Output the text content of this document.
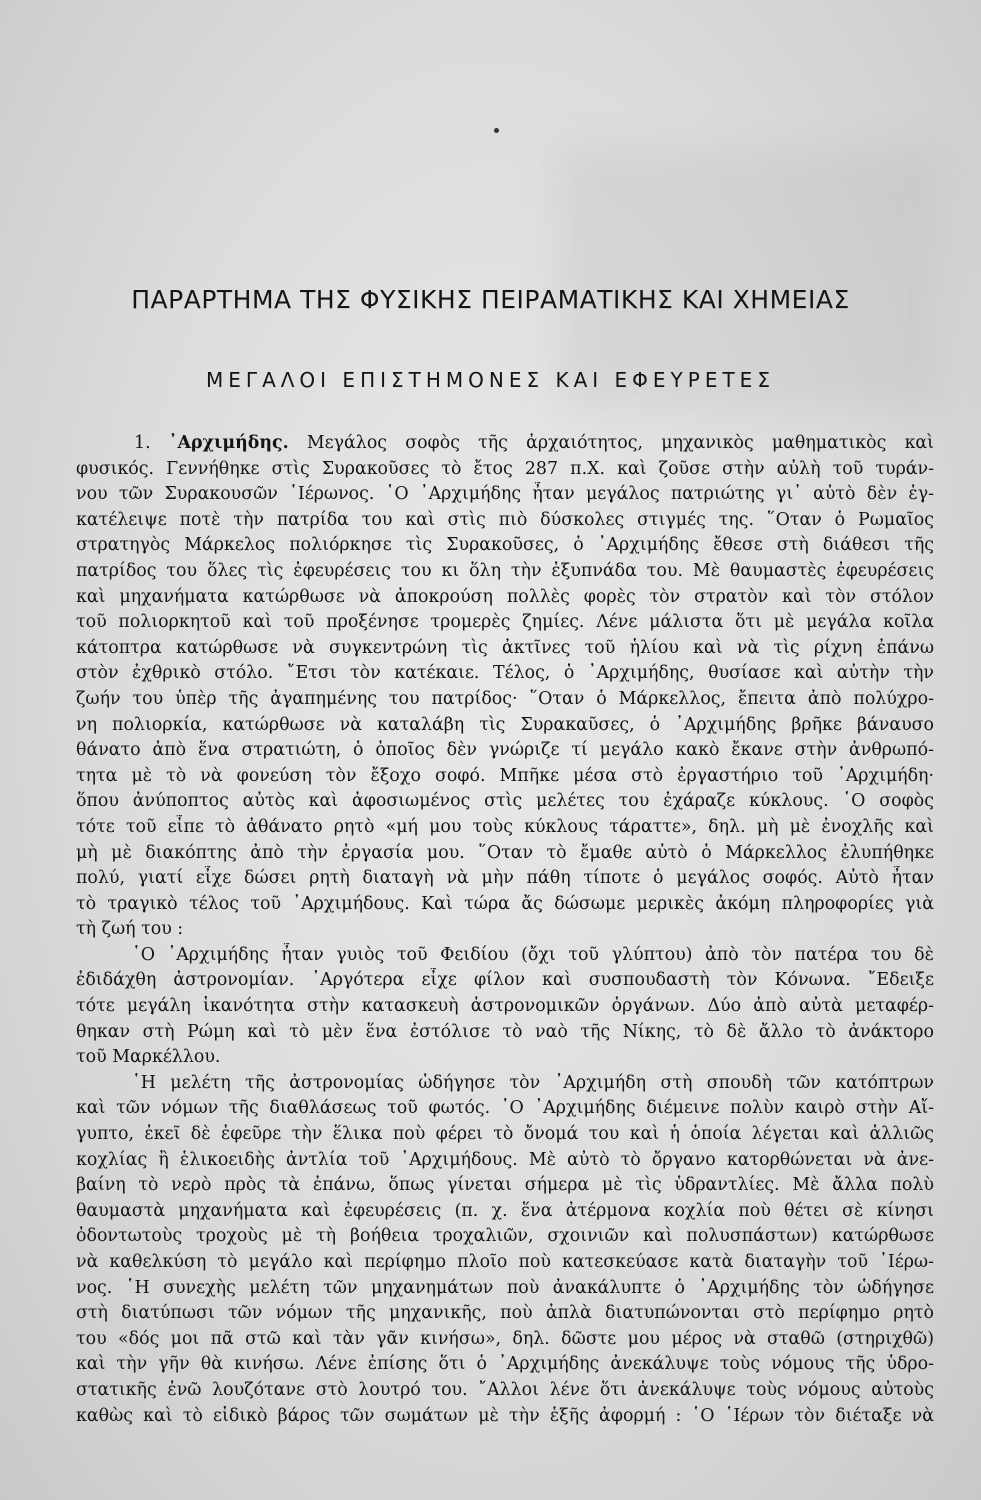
ΠΑΡΑΡΤΗΜΑ ΤΗΣ ΦΥΣΙΚΗΣ ΠΕΙΡΑΜΑΤΙΚΗΣ ΚΑΙ ΧΗΜΕΙΑΣ
ΜΕΓΑΛΟΙ ΕΠΙΣΤΗΜΟΝΕΣ ΚΑΙ ΕΦΕΥΡΕΤΕΣ
1. ᾽Αρχιμήδης. Μεγάλος σοφὸς τῆς ἀρχαιότητος, μηχανικὸς μαθηματικὸς καὶ
φυσικός. Γεννήθηκε στὶς Συρακοῦσες τὸ ἔτος 287 π.Χ. καὶ ζοῦσε στὴν αὐλὴ τοῦ τυράν-
νου τῶν Συρακουσῶν ῾Ιέρωνος. ῾Ο ᾽Αρχιμήδης ἦταν μεγάλος πατριώτης γι᾽ αὐτὸ δὲν ἐγ-
κατέλειψε ποτὲ τὴν πατρίδα του καὶ στὶς πιὸ δύσκολες στιγμές της. ῞Οταν ὁ Ρωμαῖος
στρατηγὸς Μάρκελος πολιόρκησε τὶς Συρακοῦσες, ὁ ᾽Αρχιμήδης ἔθεσε στὴ διάθεσι τῆς
πατρίδος του ὅλες τὶς ἐφευρέσεις του κι ὅλη τὴν ἐξυπνάδα του. Μὲ θαυμαστὲς ἐφευρέσεις
καὶ μηχανήματα κατώρθωσε νὰ ἀποκρούση πολλὲς φορὲς τὸν στρατὸν καὶ τὸν στόλον
τοῦ πολιορκητοῦ καὶ τοῦ προξένησε τρομερὲς ζημίες. Λένε μάλιστα ὅτι μὲ μεγάλα κοῖλα
κάτοπτρα κατώρθωσε νὰ συγκεντρώνη τὶς ἀκτῖνες τοῦ ἡλίου καὶ νὰ τὶς ρίχνη ἐπάνω
στὸν ἐχθρικὸ στόλο. ῎Ετσι τὸν κατέκαιε. Τέλος, ὁ ᾽Αρχιμήδης, θυσίασε καὶ αὐτὴν τὴν
ζωήν του ὑπὲρ τῆς ἀγαπημένης του πατρίδος· ῞Οταν ὁ Μάρκελλος, ἔπειτα ἀπὸ πολύχρο-
νη πολιορκία, κατώρθωσε νὰ καταλάβη τὶς Συρακαῦσες, ὁ ᾽Αρχιμήδης βρῆκε βάναυσο
θάνατο ἀπὸ ἕνα στρατιώτη, ὁ ὁποῖος δὲν γνώριζε τί μεγάλο κακὸ ἔκανε στὴν ἀνθρωπό-
τητα μὲ τὸ νὰ φονεύση τὸν ἔξοχο σοφό. Μπῆκε μέσα στὸ ἐργαστήριο τοῦ ᾽Αρχιμήδη·
ὅπου ἀνύποπτος αὐτὸς καὶ ἀφοσιωμένος στὶς μελέτες του ἐχάραζε κύκλους. ῾Ο σοφὸς
τότε τοῦ εἶπε τὸ ἀθάνατο ρητὸ «μή μου τοὺς κύκλους τάραττε», δηλ. μὴ μὲ ἐνοχλῆς καὶ
μὴ μὲ διακόπτης ἀπὸ τὴν ἐργασία μου. ῞Οταν τὸ ἔμαθε αὐτὸ ὁ Μάρκελλος ἐλυπήθηκε
πολύ, γιατί εἶχε δώσει ρητὴ διαταγὴ νὰ μὴν πάθη τίποτε ὁ μεγάλος σοφός. Αὐτὸ ἦταν
τὸ τραγικὸ τέλος τοῦ ᾽Αρχιμήδους. Καὶ τώρα ἄς δώσωμε μερικὲς ἀκόμη πληροφορίες γιὰ
τὴ ζωή του :
῾Ο ᾽Αρχιμήδης ἦταν γυιὸς τοῦ Φειδίου (ὄχι τοῦ γλύπτου) ἀπὸ τὸν πατέρα του δὲ
ἐδιδάχθη ἀστρονομίαν. ᾽Αργότερα εἶχε φίλον καὶ συσπουδαστὴ τὸν Κόνωνα. ῎Εδειξε
τότε μεγάλη ἱκανότητα στὴν κατασκευὴ ἀστρονομικῶν ὀργάνων. Δύο ἀπὸ αὐτὰ μεταφέρ-
θηκαν στὴ Ρώμη καὶ τὸ μὲν ἕνα ἐστόλισε τὸ ναὸ τῆς Νίκης, τὸ δὲ ἄλλο τὸ ἀνάκτορο
τοῦ Μαρκέλλου.
῾Η μελέτη τῆς ἀστρονομίας ὡδήγησε τὸν ᾽Αρχιμήδη στὴ σπουδὴ τῶν κατόπτρων
καὶ τῶν νόμων τῆς διαθλάσεως τοῦ φωτός. ῾Ο ᾽Αρχιμήδης διέμεινε πολὺν καιρὸ στὴν Αἴ-
γυπτο, ἐκεῖ δὲ ἐφεῦρε τὴν ἕλικα ποὺ φέρει τὸ ὄνομά του καὶ ἡ ὁποία λέγεται καὶ ἀλλιῶς
κοχλίας ἢ ἑλικοειδὴς ἀντλία τοῦ ᾽Αρχιμήδους. Μὲ αὐτὸ τὸ ὄργανο κατορθώνεται νὰ ἀνε-
βαίνη τὸ νερὸ πρὸς τὰ ἐπάνω, ὅπως γίνεται σήμερα μὲ τὶς ὑδραντλίες. Μὲ ἄλλα πολὺ
θαυμαστὰ μηχανήματα καὶ ἐφευρέσεις (π. χ. ἕνα ἀτέρμονα κοχλία ποὺ θέτει σὲ κίνησι
ὀδοντωτοὺς τροχοὺς μὲ τὴ βοήθεια τροχαλιῶν, σχοινιῶν καὶ πολυσπάστων) κατώρθωσε
νὰ καθελκύση τὸ μεγάλο καὶ περίφημο πλοῖο ποὺ κατεσκεύασε κατὰ διαταγὴν τοῦ ῾Ιέρω-
νος. ῾Η συνεχὴς μελέτη τῶν μηχανημάτων ποὺ ἀνακάλυπτε ὁ ᾽Αρχιμήδης τὸν ὡδήγησε
στὴ διατύπωσι τῶν νόμων τῆς μηχανικῆς, ποὺ ἁπλὰ διατυπώνονται στὸ περίφημο ρητὸ
του «δός μοι πᾶ στῶ καὶ τὰν γᾶν κινήσω», δηλ. δῶστε μου μέρος νὰ σταθῶ (στηριχθῶ)
καὶ τὴν γῆν θὰ κινήσω. Λένε ἐπίσης ὅτι ὁ ᾽Αρχιμήδης ἀνεκάλυψε τοὺς νόμους τῆς ὑδρο-
στατικῆς ἐνῶ λουζότανε στὸ λουτρό του. ῎Αλλοι λένε ὅτι ἀνεκάλυψε τοὺς νόμους αὐτοὺς
καθὼς καὶ τὸ εἰδικὸ βάρος τῶν σωμάτων μὲ τὴν ἑξῆς ἀφορμή : ῾Ο ῾Ιέρων τὸν διέταξε νὰ
